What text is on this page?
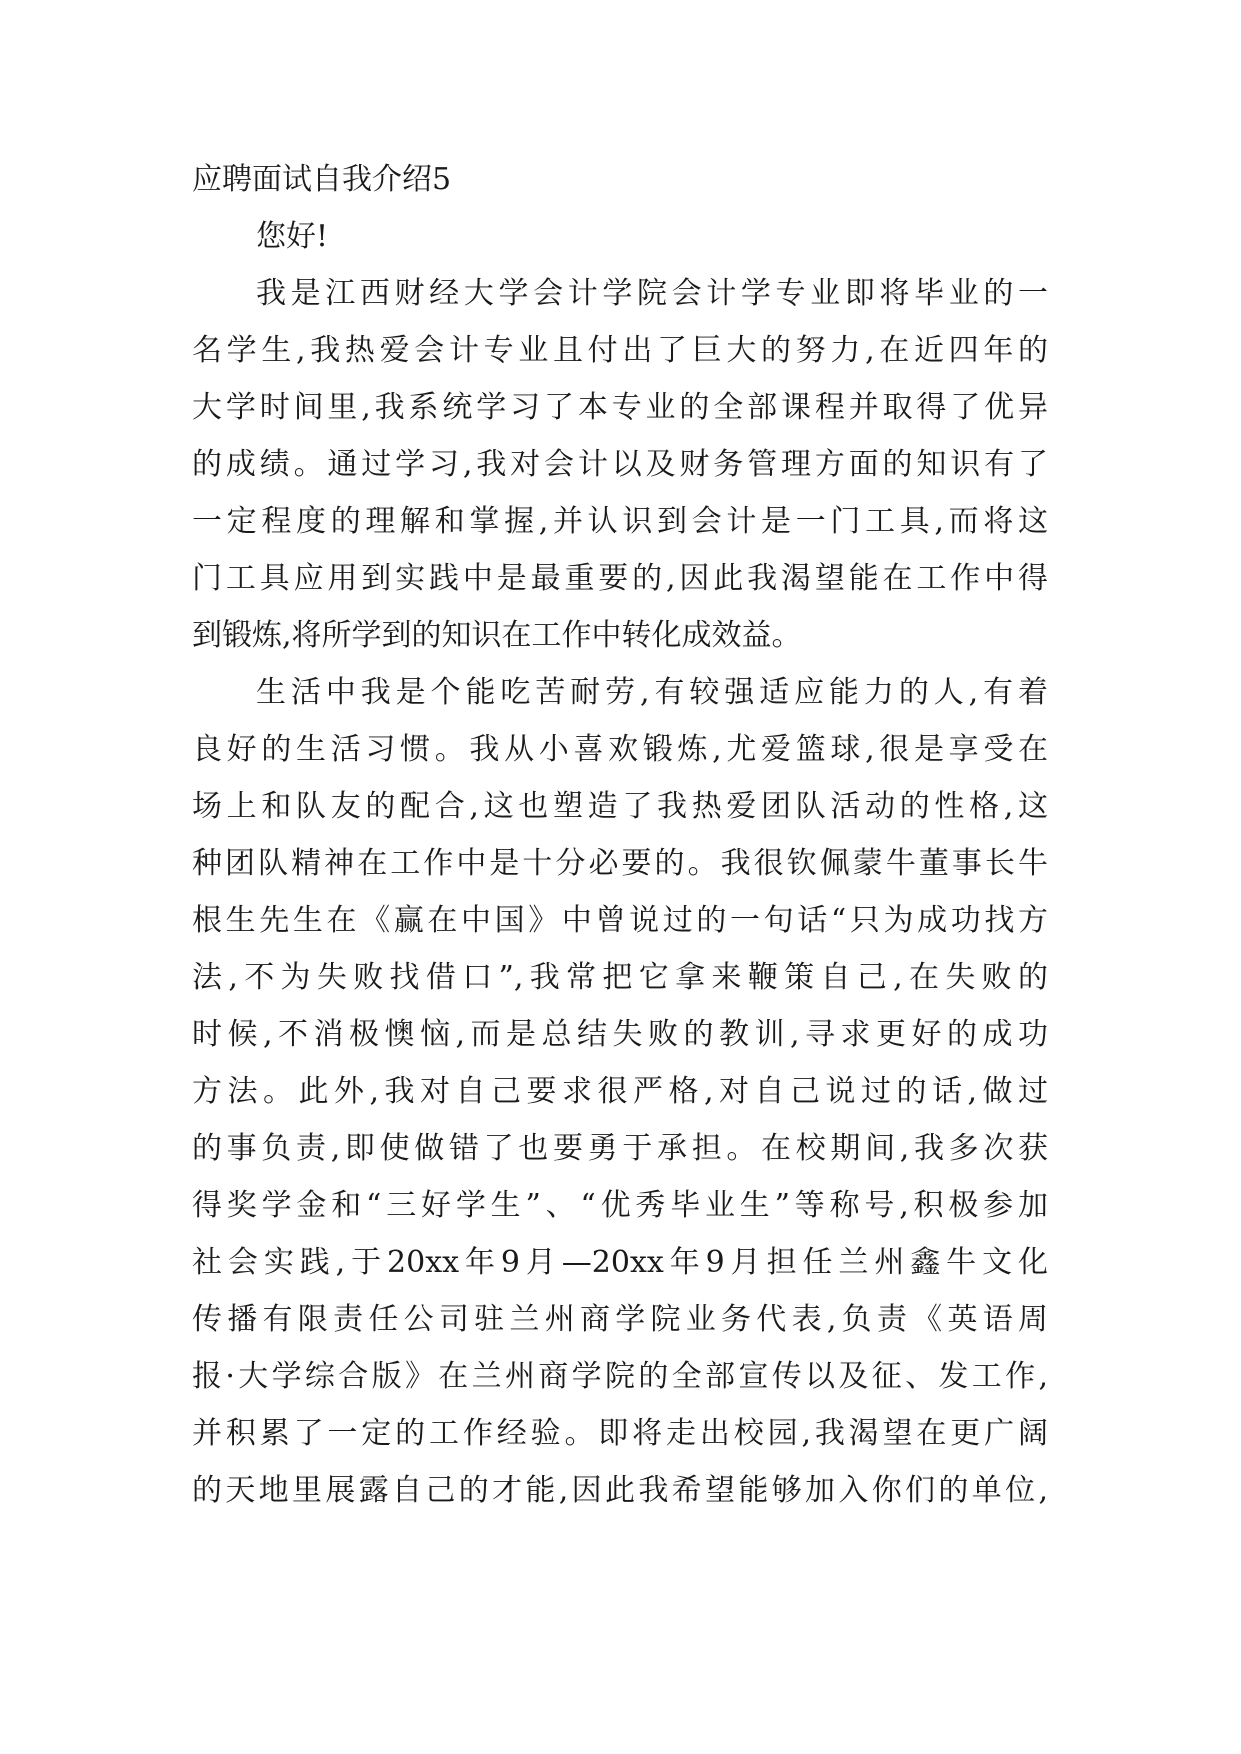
应聘面试自我介绍5
您好!
我是江西财经大学会计学院会计学专业即将毕业的一
名学生,我热爱会计专业且付出了巨大的努力,在近四年的
大学时间里,我系统学习了本专业的全部课程并取得了优异
的成绩。通过学习,我对会计以及财务管理方面的知识有了
一定程度的理解和掌握,并认识到会计是一门工具,而将这
门工具应用到实践中是最重要的,因此我渴望能在工作中得
到锻炼,将所学到的知识在工作中转化成效益。
生活中我是个能吃苦耐劳,有较强适应能力的人,有着
良好的生活习惯。我从小喜欢锻炼,尤爱篮球,很是享受在
场上和队友的配合,这也塑造了我热爱团队活动的性格,这
种团队精神在工作中是十分必要的。我很钦佩蒙牛董事长牛
根生先生在《赢在中国》中曾说过的一句话“只为成功找方
法,不为失败找借口”,我常把它拿来鞭策自己,在失败的
时候,不消极懊恼,而是总结失败的教训,寻求更好的成功
方法。此外,我对自己要求很严格,对自己说过的话,做过
的事负责,即使做错了也要勇于承担。在校期间,我多次获
得奖学金和“三好学生”、“优秀毕业生”等称号,积极参加
社会实践,于20xx年9月—20xx年9月担任兰州鑫牛文化
传播有限责任公司驻兰州商学院业务代表,负责《英语周
报·大学综合版》在兰州商学院的全部宣传以及征、发工作,
并积累了一定的工作经验。即将走出校园,我渴望在更广阔
的天地里展露自己的才能,因此我希望能够加入你们的单位,
